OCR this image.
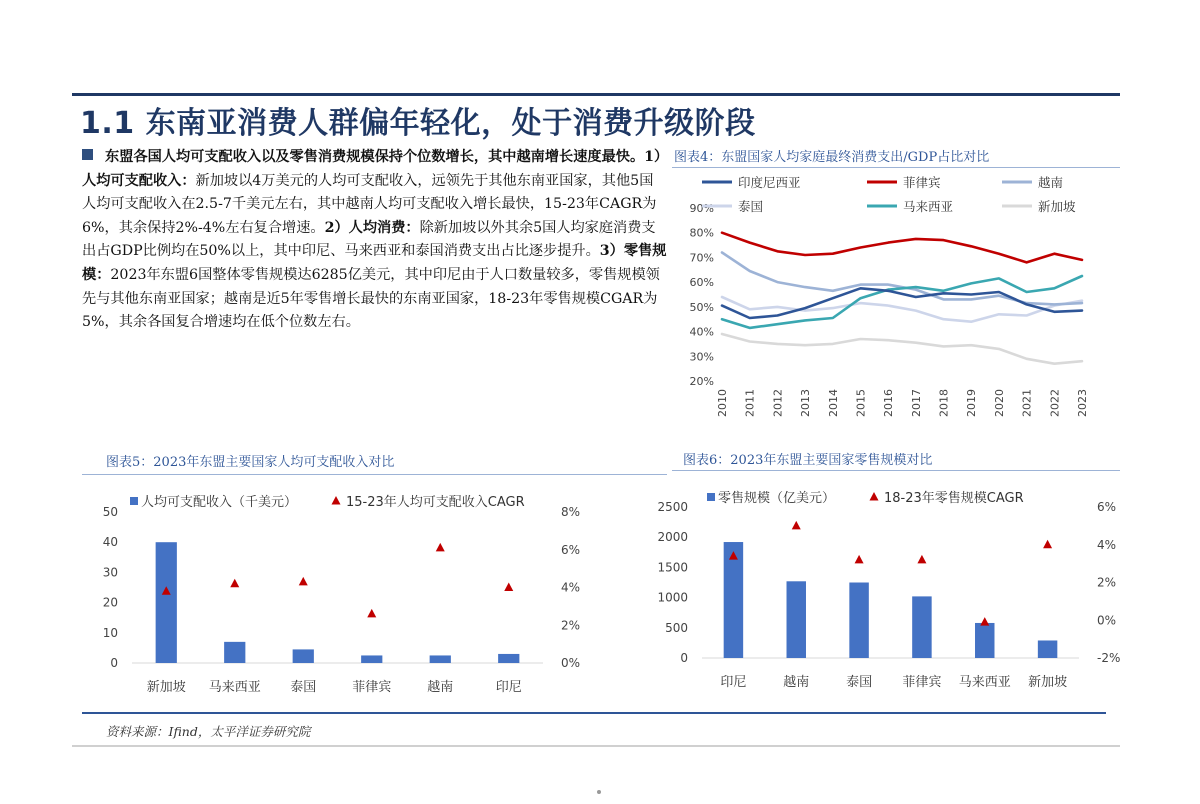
1.1 东南亚消费人群偏年轻化，处于消费升级阶段
东盟各国人均可支配收入以及零售消费规模保持个位数增长，其中越南增长速度最快。1）人均可支配收入：新加坡以4万美元的人均可支配收入，远领先于其他东南亚国家，其他5国人均可支配收入在2.5-7千美元左右，其中越南人均可支配收入增长最快，15-23年CAGR为6%，其余保持2%-4%左右复合增速。2）人均消费：除新加坡以外其余5国人均家庭消费支出占GDP比例均在50%以上，其中印尼、马来西亚和泰国消费支出占比逐步提升。3）零售规模：2023年东盟6国整体零售规模达6285亿美元，其中印尼由于人口数量较多，零售规模领先与其他东南亚国家；越南是近5年零售增长最快的东南亚国家，18-23年零售规模CGAR为5%，其余各国复合增速均在低个位数左右。
图表4：东盟国家人均家庭最终消费支出/GDP占比对比
图表5：2023年东盟主要国家人均可支配收入对比	图表6：2023年东盟主要国家零售规模对比
20%
30%
40%
50%
60%
70%
80%
90%
2010 2011 2012 2013 2014 2015 2016 2017 2018 2019 2020 2021 2022 2023
印度尼西亚	菲律宾	越南
泰国	马来西亚	新加坡
0
10
20
30
40
50
0%
2%
4%
6%
8%
新加坡 马来西亚 泰国	菲律宾	越南	印尼
人均可支配收入（千美元）	15-23年人均可支配收入CAGR
0
500
1000
1500
2000
2500
-2%
0%
2%
4%
6%
印尼	越南	泰国 菲律宾 马来西亚 新加坡
零售规模（亿美元）	18-23年零售规模CAGR
资料来源：Ifind，太平洋证券研究院
